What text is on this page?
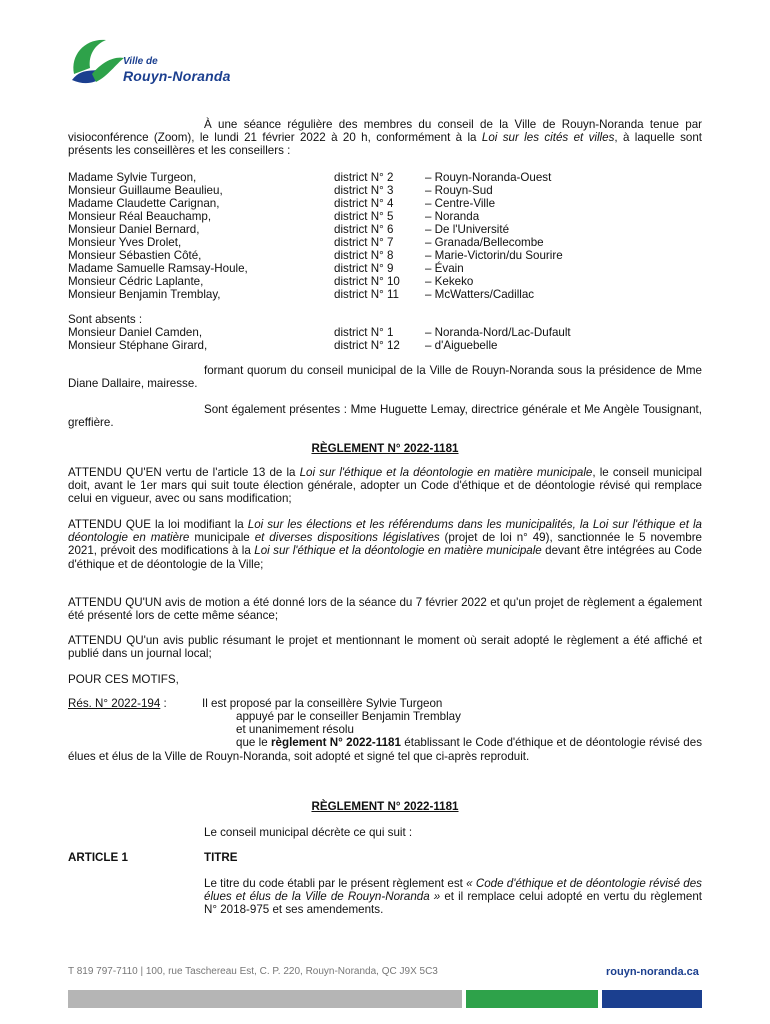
Ville de
Rouyn-Noranda

À une séance régulière des membres du conseil de la Ville de Rouyn-Noranda tenue par visioconférence (Zoom), le lundi 21 février 2022 à 20 h, conformément à la Loi sur les cités et villes, à laquelle sont présents les conseillères et les conseillers :

Madame Sylvie Turgeon,	district N° 2	– Rouyn-Noranda-Ouest
Monsieur Guillaume Beaulieu,	district N° 3	– Rouyn-Sud
Madame Claudette Carignan,	district N° 4	– Centre-Ville
Monsieur Réal Beauchamp,	district N° 5	– Noranda
Monsieur Daniel Bernard,	district N° 6	– De l'Université
Monsieur Yves Drolet,	district N° 7	– Granada/Bellecombe
Monsieur Sébastien Côté,	district N° 8	– Marie-Victorin/du Sourire
Madame Samuelle Ramsay-Houle,	district N° 9	– Évain
Monsieur Cédric Laplante,	district N° 10 – Kekeko
Monsieur Benjamin Tremblay,	district N° 11 – McWatters/Cadillac
Sont absents :
Monsieur Daniel Camden,	district N° 1	– Noranda-Nord/Lac-Dufault
Monsieur Stéphane Girard,	district N° 12 – d'Aiguebelle

formant quorum du conseil municipal de la Ville de Rouyn-Noranda sous la présidence de Mme Diane Dallaire, mairesse.

Sont également présentes : Mme Huguette Lemay, directrice générale et Me Angèle Tousignant, greffière.

RÈGLEMENT N° 2022-1181

ATTENDU QU'EN vertu de l'article 13 de la Loi sur l'éthique et la déontologie en matière municipale, le conseil municipal doit, avant le 1er mars qui suit toute élection générale, adopter un Code d'éthique et de déontologie révisé qui remplace celui en vigueur, avec ou sans modification;

ATTENDU QUE la loi modifiant la Loi sur les élections et les référendums dans les municipalités, la Loi sur l'éthique et la déontologie en matière municipale et diverses dispositions législatives (projet de loi n° 49), sanctionnée le 5 novembre 2021, prévoit des modifications à la Loi sur l'éthique et la déontologie en matière municipale devant être intégrées au Code d'éthique et de déontologie de la Ville;

ATTENDU QU'UN avis de motion a été donné lors de la séance du 7 février 2022 et qu'un projet de règlement a également été présenté lors de cette même séance;

ATTENDU QU'un avis public résumant le projet et mentionnant le moment où serait adopté le règlement a été affiché et publié dans un journal local;

POUR CES MOTIFS,

Rés. N° 2022-194 :	Il est proposé par la conseillère Sylvie Turgeon
appuyé par le conseiller Benjamin Tremblay
et unanimement résolu

que le règlement N° 2022-1181 établissant le Code d'éthique et de déontologie révisé des élues et élus de la Ville de Rouyn-Noranda, soit adopté et signé tel que ci-après reproduit.

RÈGLEMENT N° 2022-1181

Le conseil municipal décrète ce qui suit :

ARTICLE 1	TITRE

Le titre du code établi par le présent règlement est « Code d'éthique et de déontologie révisé des élues et élus de la Ville de Rouyn-Noranda » et il remplace celui adopté en vertu du règlement N° 2018-975 et ses amendements.

T 819 797-7110 | 100, rue Taschereau Est, C. P. 220, Rouyn-Noranda, QC J9X 5C3	rouyn-noranda.ca
